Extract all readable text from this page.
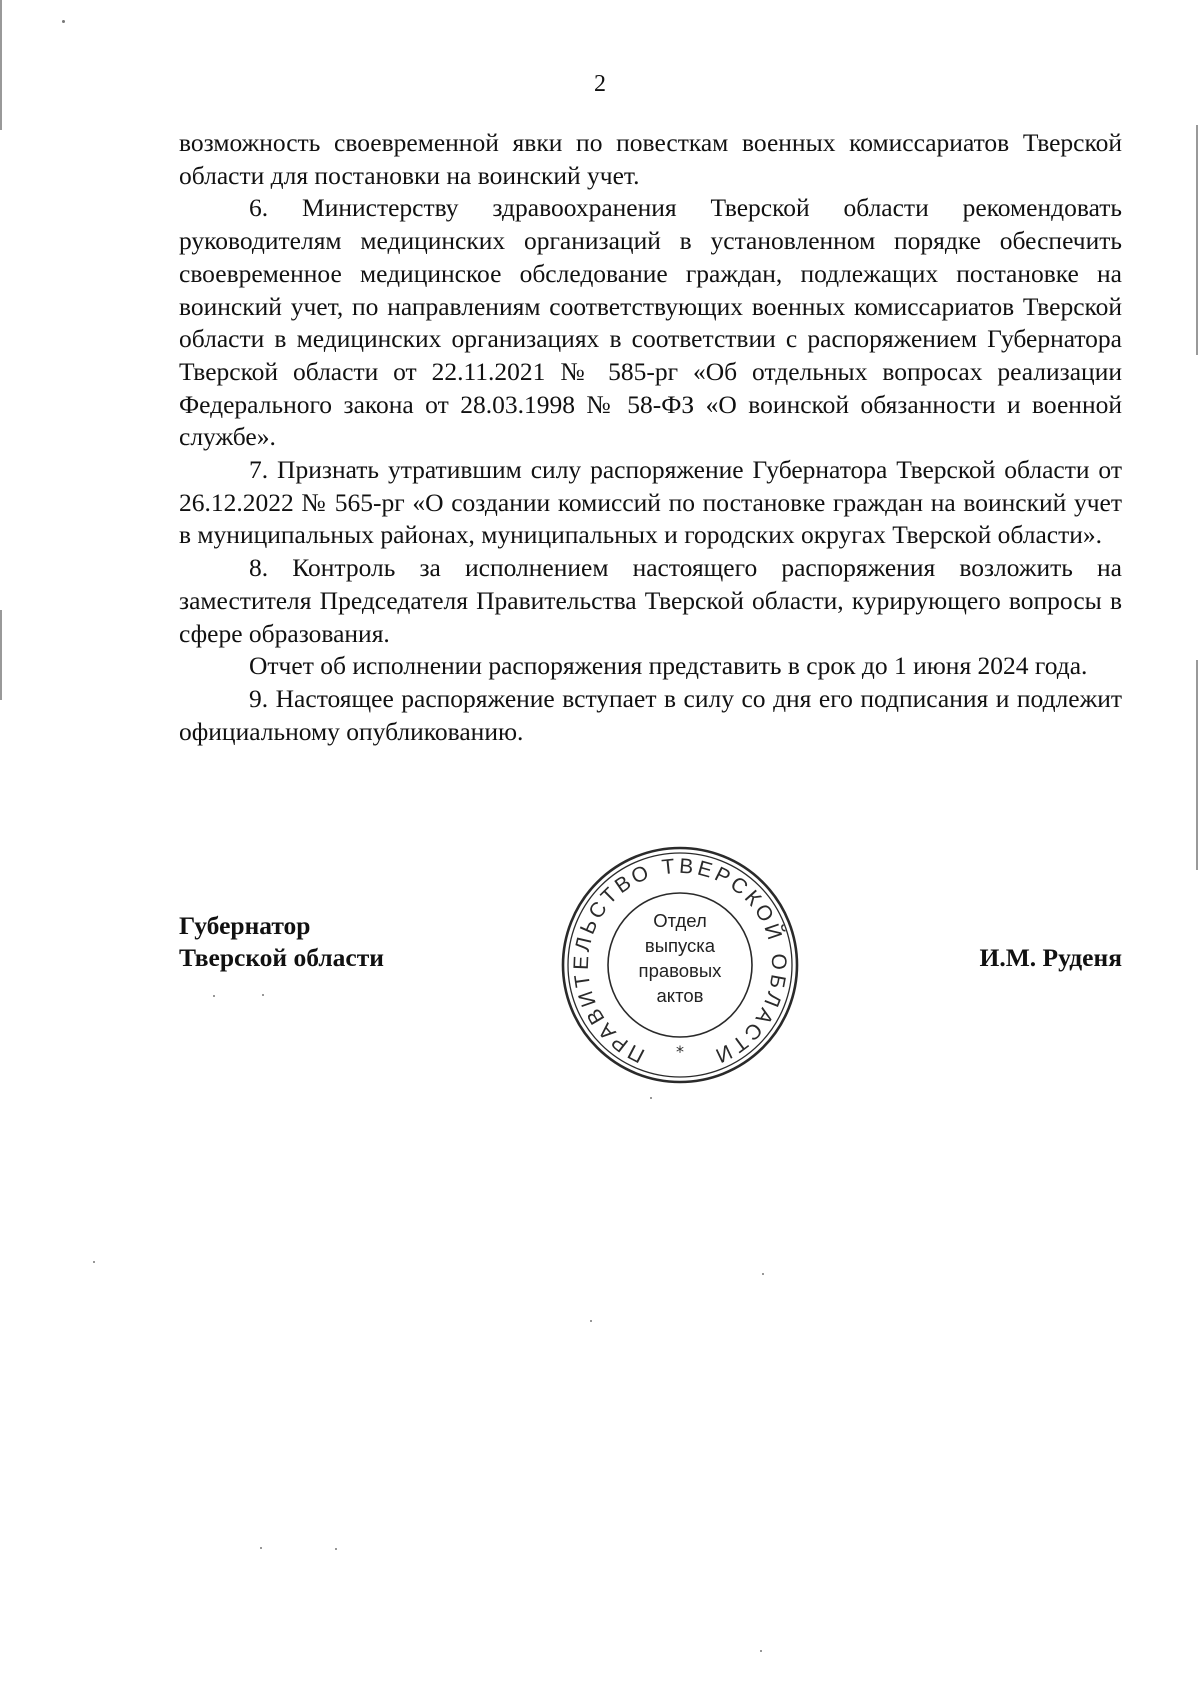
2

возможность своевременной явки по повесткам военных комиссариатов Тверской области для постановки на воинский учет.

6. Министерству здравоохранения Тверской области рекомендовать руководителям медицинских организаций в установленном порядке обеспечить своевременное медицинское обследование граждан, подлежащих постановке на воинский учет, по направлениям соответствующих военных комиссариатов Тверской области в медицинских организациях в соответствии с распоряжением Губернатора Тверской области от 22.11.2021 № 585-рг «Об отдельных вопросах реализации Федерального закона от 28.03.1998 № 58-ФЗ «О воинской обязанности и военной службе».

7. Признать утратившим силу распоряжение Губернатора Тверской области от 26.12.2022 № 565-рг «О создании комиссий по постановке граждан на воинский учет в муниципальных районах, муниципальных и городских округах Тверской области».

8. Контроль за исполнением настоящего распоряжения возложить на заместителя Председателя Правительства Тверской области, курирующего вопросы в сфере образования.

Отчет об исполнении распоряжения представить в срок до 1 июня 2024 года.

9. Настоящее распоряжение вступает в силу со дня его подписания и подлежит официальному опубликованию.

Губернатор
Тверской области	И.М. Руденя
ПРАВИТЕЛЬСТВО ТВЕРСКОЙ ОБЛАСТИ
*
Отдел
выпуска
правовых
актов
